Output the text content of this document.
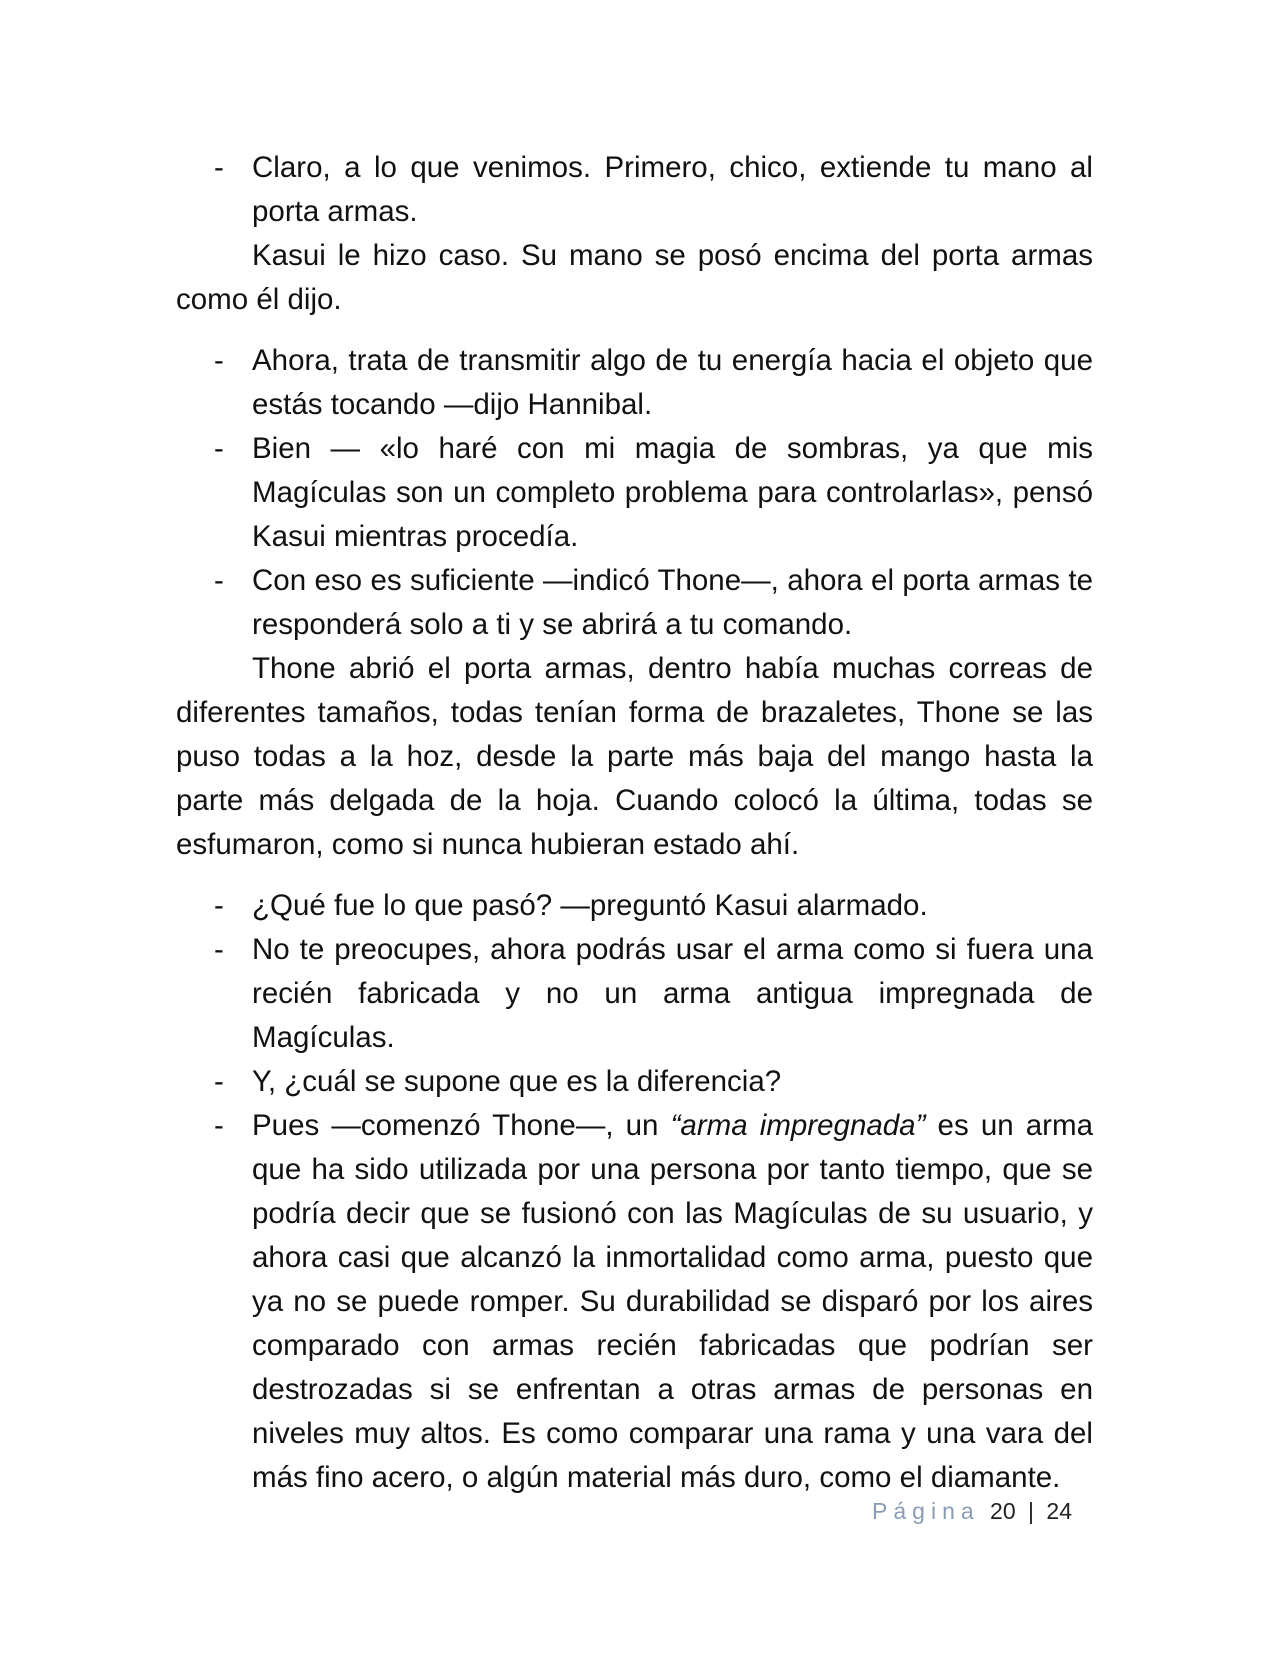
- Claro, a lo que venimos. Primero, chico, extiende tu mano al porta armas.

Kasui le hizo caso. Su mano se posó encima del porta armas como él dijo.

- Ahora, trata de transmitir algo de tu energía hacia el objeto que estás tocando —dijo Hannibal.

- Bien — «lo haré con mi magia de sombras, ya que mis Magículas son un completo problema para controlarlas», pensó Kasui mientras procedía.

- Con eso es suficiente —indicó Thone—, ahora el porta armas te responderá solo a ti y se abrirá a tu comando.

Thone abrió el porta armas, dentro había muchas correas de diferentes tamaños, todas tenían forma de brazaletes, Thone se las puso todas a la hoz, desde la parte más baja del mango hasta la parte más delgada de la hoja. Cuando colocó la última, todas se esfumaron, como si nunca hubieran estado ahí.

- ¿Qué fue lo que pasó? —preguntó Kasui alarmado.

- No te preocupes, ahora podrás usar el arma como si fuera una recién fabricada y no un arma antigua impregnada de Magículas.

- Y, ¿cuál se supone que es la diferencia?

- Pues —comenzó Thone—, un “arma impregnada” es un arma que ha sido utilizada por una persona por tanto tiempo, que se podría decir que se fusionó con las Magículas de su usuario, y ahora casi que alcanzó la inmortalidad como arma, puesto que ya no se puede romper. Su durabilidad se disparó por los aires comparado con armas recién fabricadas que podrían ser destrozadas si se enfrentan a otras armas de personas en niveles muy altos. Es como comparar una rama y una vara del más fino acero, o algún material más duro, como el diamante.

Página 20 | 24
